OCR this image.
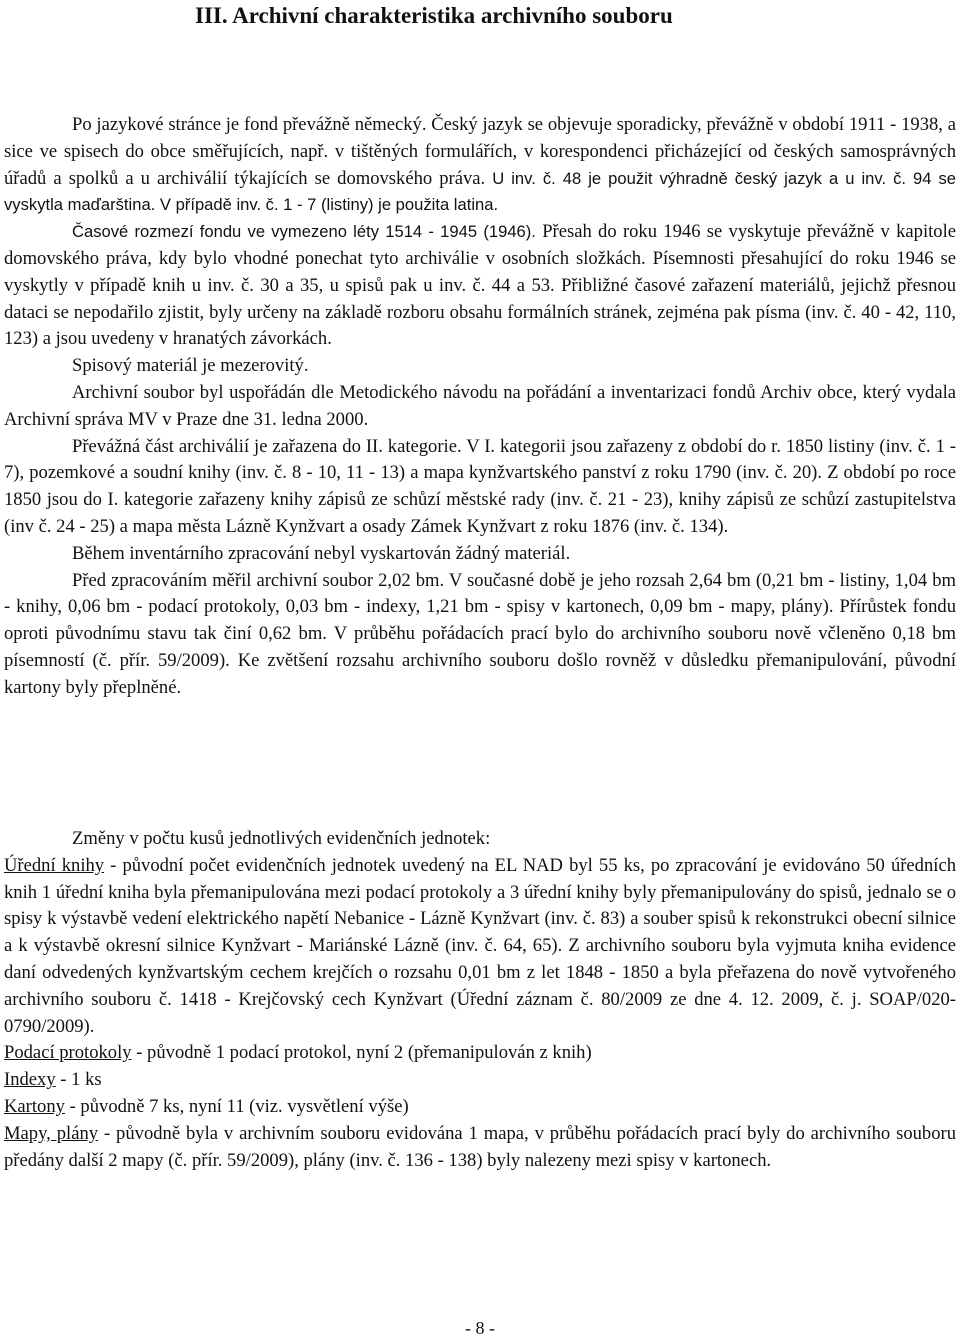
III. Archivní charakteristika archivního souboru

Po jazykové stránce je fond převážně německý. Český jazyk se objevuje sporadicky, převážně v období 1911 - 1938, a sice ve spisech do obce směřujících, např. v tištěných formulářích, v korespondenci přicházející od českých samosprávných úřadů a spolků a u archiválií týkajících se domovského práva. U inv. č. 48 je použit výhradně český jazyk a u inv. č. 94 se vyskytla maďarština. V případě inv. č. 1 - 7 (listiny) je použita latina.

Časové rozmezí fondu ve vymezeno léty 1514 - 1945 (1946). Přesah do roku 1946 se vyskytuje převážně v kapitole domovského práva, kdy bylo vhodné ponechat tyto archiválie v osobních složkách. Písemnosti přesahující do roku 1946 se vyskytly v případě knih u inv. č. 30 a 35, u spisů pak u inv. č. 44 a 53. Přibližné časové zařazení materiálů, jejichž přesnou dataci se nepodařilo zjistit, byly určeny na základě rozboru obsahu formálních stránek, zejména pak písma (inv. č. 40 - 42, 110, 123) a jsou uvedeny v hranatých závorkách.

Spisový materiál je mezerovitý.

Archivní soubor byl uspořádán dle Metodického návodu na pořádání a inventarizaci fondů Archiv obce, který vydala Archivní správa MV v Praze dne 31. ledna 2000.

Převážná část archiválií je zařazena do II. kategorie. V I. kategorii jsou zařazeny z období do r. 1850 listiny (inv. č. 1 - 7), pozemkové a soudní knihy (inv. č. 8 - 10, 11 - 13) a mapa kynžvartského panství z roku 1790 (inv. č. 20). Z období po roce 1850 jsou do I. kategorie zařazeny knihy zápisů ze schůzí městské rady (inv. č. 21 - 23), knihy zápisů ze schůzí zastupitelstva (inv č. 24 - 25) a mapa města Lázně Kynžvart a osady Zámek Kynžvart z roku 1876 (inv. č. 134).

Během inventárního zpracování nebyl vyskartován žádný materiál.

Před zpracováním měřil archivní soubor 2,02 bm. V současné době je jeho rozsah 2,64 bm (0,21 bm - listiny, 1,04 bm - knihy, 0,06 bm - podací protokoly, 0,03 bm - indexy, 1,21 bm - spisy v kartonech, 0,09 bm - mapy, plány). Přírůstek fondu oproti původnímu stavu tak činí 0,62 bm. V průběhu pořádacích prací bylo do archivního souboru nově včleněno 0,18 bm písemností (č. přír. 59/2009). Ke zvětšení rozsahu archivního souboru došlo rovněž v důsledku přemanipulování, původní kartony byly přeplněné.

Změny v počtu kusů jednotlivých evidenčních jednotek:

Úřední knihy - původní počet evidenčních jednotek uvedený na EL NAD byl 55 ks, po zpracování je evidováno 50 úředních knih 1 úřední kniha byla přemanipulována mezi podací protokoly a 3 úřední knihy byly přemanipulovány do spisů, jednalo se o spisy k výstavbě vedení elektrického napětí Nebanice - Lázně Kynžvart (inv. č. 83) a souber spisů k rekonstrukci obecní silnice a k výstavbě okresní silnice Kynžvart - Mariánské Lázně (inv. č. 64, 65). Z archivního souboru byla vyjmuta kniha evidence daní odvedených kynžvartským cechem krejčích o rozsahu 0,01 bm z let 1848 - 1850 a byla přeřazena do nově vytvořeného archivního souboru č. 1418 - Krejčovský cech Kynžvart (Úřední záznam č. 80/2009 ze dne 4. 12. 2009, č. j. SOAP/020-0790/2009).

Podací protokoly - původně 1 podací protokol, nyní 2 (přemanipulován z knih)

Indexy - 1 ks

Kartony - původně 7 ks, nyní 11 (viz. vysvětlení výše)

Mapy, plány - původně byla v archivním souboru evidována 1 mapa, v průběhu pořádacích prací byly do archivního souboru předány další 2 mapy (č. přír. 59/2009), plány (inv. č. 136 - 138) byly nalezeny mezi spisy v kartonech.

- 8 -
